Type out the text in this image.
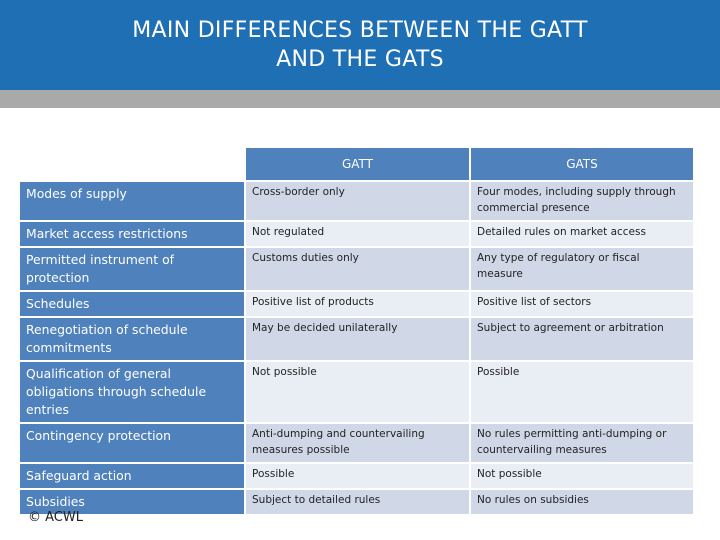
MAIN DIFFERENCES BETWEEN THE GATT
AND THE GATS
	GATT	GATS
Modes of supply	Cross-border only	Four modes, including supply through commercial presence
Market access restrictions	Not regulated	Detailed rules on market access
Permitted instrument of protection	Customs duties only	Any type of regulatory or fiscal measure
Schedules	Positive list of products	Positive list of sectors
Renegotiation of schedule commitments	May be decided unilaterally	Subject to agreement or arbitration
Qualification of general obligations through schedule entries	Not possible	Possible
Contingency protection	Anti-dumping and countervailing measures possible	No rules permitting anti-dumping or countervailing measures
Safeguard action	Possible	Not possible
Subsidies	Subject to detailed rules	No rules on subsidies
© ACWL
